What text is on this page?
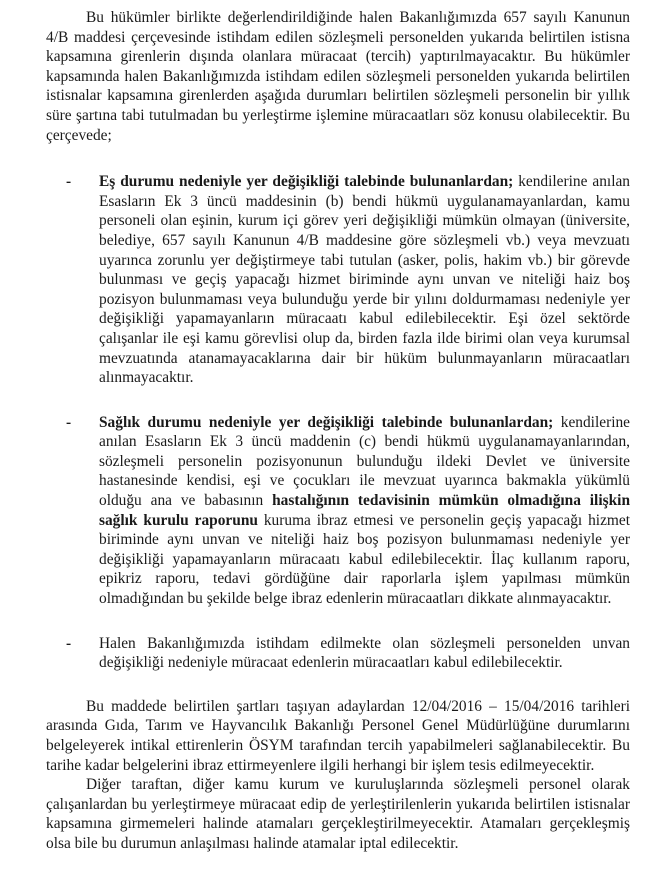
Bu hükümler birlikte değerlendirildiğinde halen Bakanlığımızda 657 sayılı Kanunun 4/B maddesi çerçevesinde istihdam edilen sözleşmeli personelden yukarıda belirtilen istisna kapsamına girenlerin dışında olanlara müracaat (tercih) yaptırılmayacaktır. Bu hükümler kapsamında halen Bakanlığımızda istihdam edilen sözleşmeli personelden yukarıda belirtilen istisnalar kapsamına girenlerden aşağıda durumları belirtilen sözleşmeli personelin bir yıllık süre şartına tabi tutulmadan bu yerleştirme işlemine müracaatları söz konusu olabilecektir. Bu çerçevede;

- Eş durumu nedeniyle yer değişikliği talebinde bulunanlardan; kendilerine anılan Esasların Ek 3 üncü maddesinin (b) bendi hükmü uygulanamayanlardan, kamu personeli olan eşinin, kurum içi görev yeri değişikliği mümkün olmayan (üniversite, belediye, 657 sayılı Kanunun 4/B maddesine göre sözleşmeli vb.) veya mevzuatı uyarınca zorunlu yer değiştirmeye tabi tutulan (asker, polis, hakim vb.) bir görevde bulunması ve geçiş yapacağı hizmet biriminde aynı unvan ve niteliği haiz boş pozisyon bulunmaması veya bulunduğu yerde bir yılını doldurmaması nedeniyle yer değişikliği yapamayanların müracaatı kabul edilebilecektir. Eşi özel sektörde çalışanlar ile eşi kamu görevlisi olup da, birden fazla ilde birimi olan veya kurumsal mevzuatında atanamayacaklarına dair bir hüküm bulunmayanların müracaatları alınmayacaktır.
- Sağlık durumu nedeniyle yer değişikliği talebinde bulunanlardan; kendilerine anılan Esasların Ek 3 üncü maddenin (c) bendi hükmü uygulanamayanlarından, sözleşmeli personelin pozisyonunun bulunduğu ildeki Devlet ve üniversite hastanesinde kendisi, eşi ve çocukları ile mevzuat uyarınca bakmakla yükümlü olduğu ana ve babasının hastalığının tedavisinin mümkün olmadığına ilişkin sağlık kurulu raporunu kuruma ibraz etmesi ve personelin geçiş yapacağı hizmet biriminde aynı unvan ve niteliği haiz boş pozisyon bulunmaması nedeniyle yer değişikliği yapamayanların müracaatı kabul edilebilecektir. İlaç kullanım raporu, epikriz raporu, tedavi gördüğüne dair raporlarla işlem yapılması mümkün olmadığından bu şekilde belge ibraz edenlerin müracaatları dikkate alınmayacaktır.
- Halen Bakanlığımızda istihdam edilmekte olan sözleşmeli personelden unvan değişikliği nedeniyle müracaat edenlerin müracaatları kabul edilebilecektir.

Bu maddede belirtilen şartları taşıyan adaylardan 12/04/2016 – 15/04/2016 tarihleri arasında Gıda, Tarım ve Hayvancılık Bakanlığı Personel Genel Müdürlüğüne durumlarını belgeleyerek intikal ettirenlerin ÖSYM tarafından tercih yapabilmeleri sağlanabilecektir. Bu tarihe kadar belgelerini ibraz ettirmeyenlere ilgili herhangi bir işlem tesis edilmeyecektir.

Diğer taraftan, diğer kamu kurum ve kuruluşlarında sözleşmeli personel olarak çalışanlardan bu yerleştirmeye müracaat edip de yerleştirilenlerin yukarıda belirtilen istisnalar kapsamına girmemeleri halinde atamaları gerçekleştirilmeyecektir. Atamaları gerçekleşmiş olsa bile bu durumun anlaşılması halinde atamalar iptal edilecektir.
